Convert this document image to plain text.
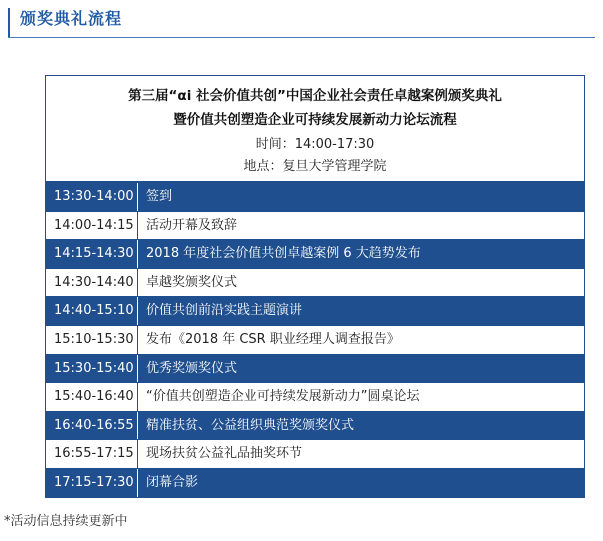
颁奖典礼流程
第三届“αi 社会价值共创”中国企业社会责任卓越案例颁奖典礼
暨价值共创塑造企业可持续发展新动力论坛流程
时间：14:00-17:30
地点：复旦大学管理学院
13:30-14:00 签到
14:00-14:15 活动开幕及致辞
14:15-14:30 2018 年度社会价值共创卓越案例 6 大趋势发布
14:30-14:40 卓越奖颁奖仪式
14:40-15:10 价值共创前沿实践主题演讲
15:10-15:30 发布《2018 年 CSR 职业经理人调查报告》
15:30-15:40 优秀奖颁奖仪式
15:40-16:40 “价值共创塑造企业可持续发展新动力”圆桌论坛
16:40-16:55 精准扶贫、公益组织典范奖颁奖仪式
16:55-17:15 现场扶贫公益礼品抽奖环节
17:15-17:30 闭幕合影
*活动信息持续更新中
